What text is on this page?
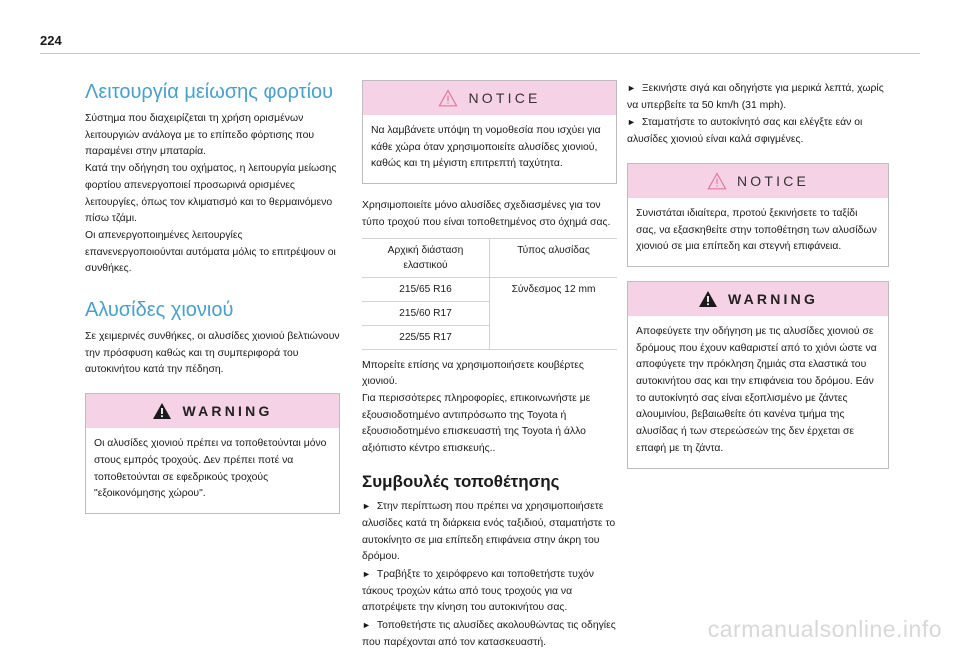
224
Λειτουργία μείωσης φορτίου

Σύστημα που διαχειρίζεται τη χρήση ορισμένων λειτουργιών ανάλογα με το επίπεδο φόρτισης που παραμένει στην μπαταρία.

Κατά την οδήγηση του οχήματος, η λειτουργία μείωσης φορτίου απενεργοποιεί προσωρινά ορισμένες λειτουργίες, όπως τον κλιματισμό και το θερμαινόμενο πίσω τζάμι.

Οι απενεργοποιημένες λειτουργίες επανενεργοποιούνται αυτόματα μόλις το επιτρέψουν οι συνθήκες.

Αλυσίδες χιονιού

Σε χειμερινές συνθήκες, οι αλυσίδες χιονιού βελτιώνουν την πρόσφυση καθώς και τη συμπεριφορά του αυτοκινήτου κατά την πέδηση.

WARNING
Οι αλυσίδες χιονιού πρέπει να τοποθετούνται μόνο στους εμπρός τροχούς. Δεν πρέπει ποτέ να τοποθετούνται σε εφεδρικούς τροχούς "εξοικονόμησης χώρου".
NOTICE
Να λαμβάνετε υπόψη τη νομοθεσία που ισχύει για κάθε χώρα όταν χρησιμοποιείτε αλυσίδες χιονιού, καθώς και τη μέγιστη επιτρεπτή ταχύτητα.

Χρησιμοποιείτε μόνο αλυσίδες σχεδιασμένες για τον τύπο τροχού που είναι τοποθετημένος στο όχημά σας.

Αρχική διάσταση ελαστικού	Τύπος αλυσίδας
215/65 R16	Σύνδεσμος 12 mm
215/60 R17	
225/55 R17	

Μπορείτε επίσης να χρησιμοποιήσετε κουβέρτες χιονιού.

Για περισσότερες πληροφορίες, επικοινωνήστε με εξουσιοδοτημένο αντιπρόσωπο της Toyota ή εξουσιοδοτημένο επισκευαστή της Toyota ή άλλο αξιόπιστο κέντρο επισκευής..

Συμβουλές τοποθέτησης

► Στην περίπτωση που πρέπει να χρησιμοποιήσετε αλυσίδες κατά τη διάρκεια ενός ταξιδιού, σταματήστε το αυτοκίνητο σε μια επίπεδη επιφάνεια στην άκρη του δρόμου.

► Τραβήξτε το χειρόφρενο και τοποθετήστε τυχόν τάκους τροχών κάτω από τους τροχούς για να αποτρέψετε την κίνηση του αυτοκινήτου σας.

► Τοποθετήστε τις αλυσίδες ακολουθώντας τις οδηγίες που παρέχονται από τον κατασκευαστή.

► Ξεκινήστε σιγά και οδηγήστε για μερικά λεπτά, χωρίς να υπερβείτε τα 50 km/h (31 mph).

► Σταματήστε το αυτοκίνητό σας και ελέγξτε εάν οι αλυσίδες χιονιού είναι καλά σφιγμένες.

NOTICE
Συνιστάται ιδιαίτερα, προτού ξεκινήσετε το ταξίδι σας, να εξασκηθείτε στην τοποθέτηση των αλυσίδων χιονιού σε μια επίπεδη και στεγνή επιφάνεια.
WARNING
Αποφεύγετε την οδήγηση με τις αλυσίδες χιονιού σε δρόμους που έχουν καθαριστεί από το χιόνι ώστε να αποφύγετε την πρόκληση ζημιάς στα ελαστικά του αυτοκινήτου σας και την επιφάνεια του δρόμου. Εάν το αυτοκίνητό σας είναι εξοπλισμένο με ζάντες αλουμινίου, βεβαιωθείτε ότι κανένα τμήμα της αλυσίδας ή των στερεώσεών της δεν έρχεται σε επαφή με τη ζάντα.
carmanualsonline.info
